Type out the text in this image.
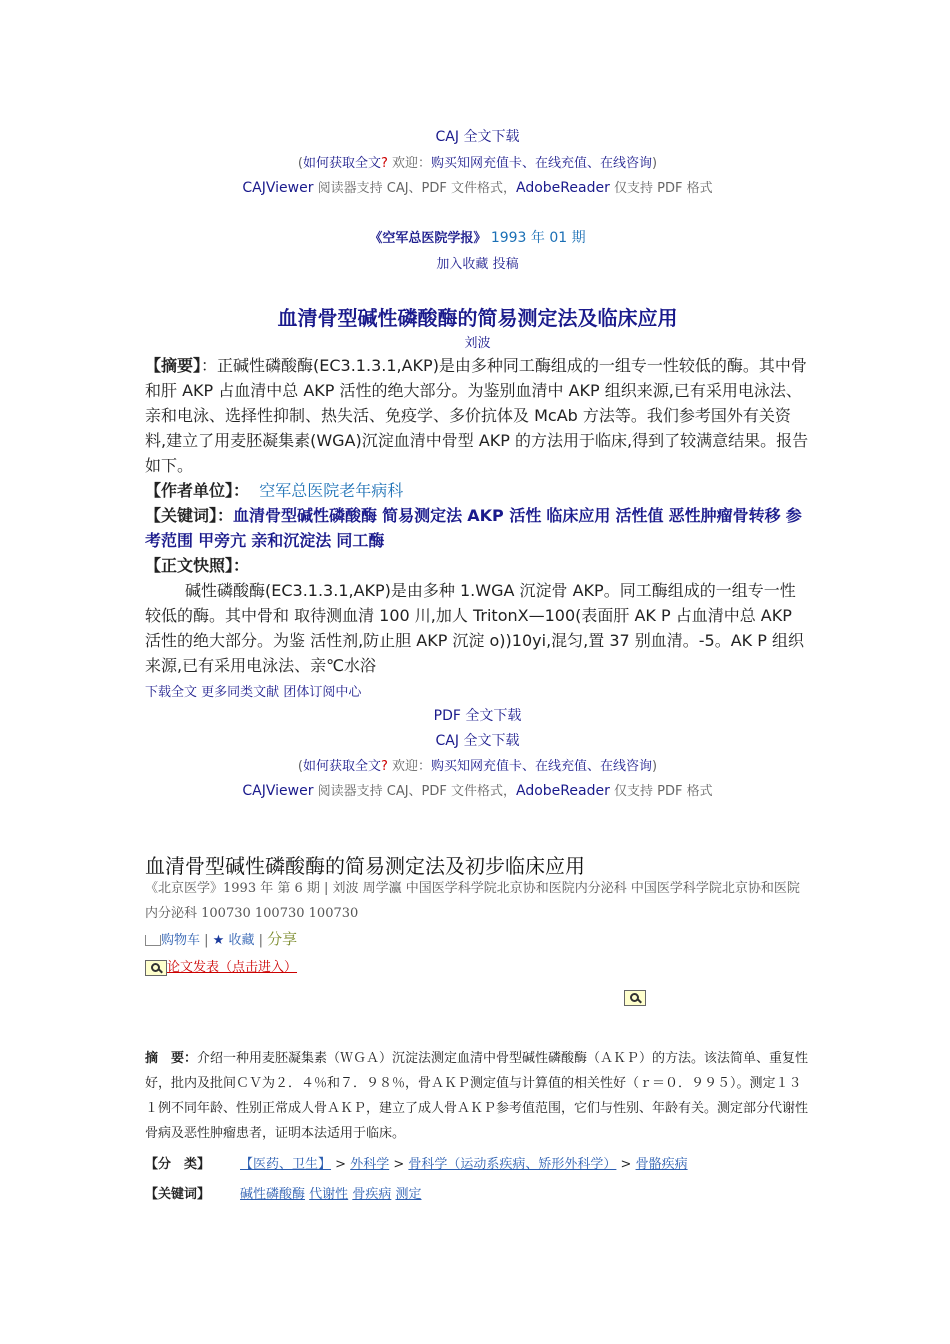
CAJ 全文下载
(如何获取全文? 欢迎：购买知网充值卡、在线充值、在线咨询)
CAJViewer 阅读器支持 CAJ、PDF 文件格式，AdobeReader 仅支持 PDF 格式
《空军总医院学报》 1993 年 01 期
加入收藏 投稿
血清骨型碱性磷酸酶的简易测定法及临床应用
刘波
【摘要】：正碱性磷酸酶(EC3.1.3.1,AKP)是由多种同工酶组成的一组专一性较低的酶。其中骨和肝 AKP 占血清中总 AKP 活性的绝大部分。为鉴别血清中 AKP 组织来源,已有采用电泳法、亲和电泳、选择性抑制、热失活、免疫学、多价抗体及 McAb 方法等。我们参考国外有关资料,建立了用麦胚凝集素(WGA)沉淀血清中骨型 AKP 的方法用于临床,得到了较满意结果。报告如下。
【作者单位】： 空军总医院老年病科
【关键词】：血清骨型碱性磷酸酶 简易测定法 AKP 活性 临床应用 活性值 恶性肿瘤骨转移 参考范围 甲旁亢 亲和沉淀法 同工酶
【正文快照】：
碱性磷酸酶(EC3.1.3.1,AKP)是由多种 1.WGA 沉淀骨 AKP。同工酶组成的一组专一性较低的酶。其中骨和 取待测血清 100 川,加人 TritonX—100(表面肝 AK P 占血清中总 AKP 活性的绝大部分。为鉴 活性剂,防止胆 AKP 沉淀 o))10yi,混匀,置 37 别血清。-5。AK P 组织来源,已有采用电泳法、亲℃水浴
下载全文 更多同类文献 团体订阅中心
PDF 全文下载
CAJ 全文下载
(如何获取全文? 欢迎：购买知网充值卡、在线充值、在线咨询)
CAJViewer 阅读器支持 CAJ、PDF 文件格式，AdobeReader 仅支持 PDF 格式
血清骨型碱性磷酸酶的简易测定法及初步临床应用
《北京医学》1993 年 第 6 期 | 刘波 周学瀛 中国医学科学院北京协和医院内分泌科 中国医学科学院北京协和医院内分泌科 100730 100730 100730
购物车 | ★ 收藏 | 分享
论文发表（点击进入）
摘　要：介绍一种用麦胚凝集素（ＷＧＡ）沉淀法测定血清中骨型碱性磷酸酶（ＡＫＰ）的方法。该法简单、重复性好，批内及批间ＣＶ为２．４％和７．９８％，骨ＡＫＰ测定值与计算值的相关性好（ｒ＝０．９９５）。测定１３１例不同年龄、性别正常成人骨ＡＫＰ，建立了成人骨ＡＫＰ参考值范围，它们与性别、年龄有关。测定部分代谢性骨病及恶性肿瘤患者，证明本法适用于临床。
【分　类】 【医药、卫生】 > 外科学 > 骨科学（运动系疾病、矫形外科学） > 骨骼疾病
【关键词】 碱性磷酸酶 代谢性 骨疾病 测定
